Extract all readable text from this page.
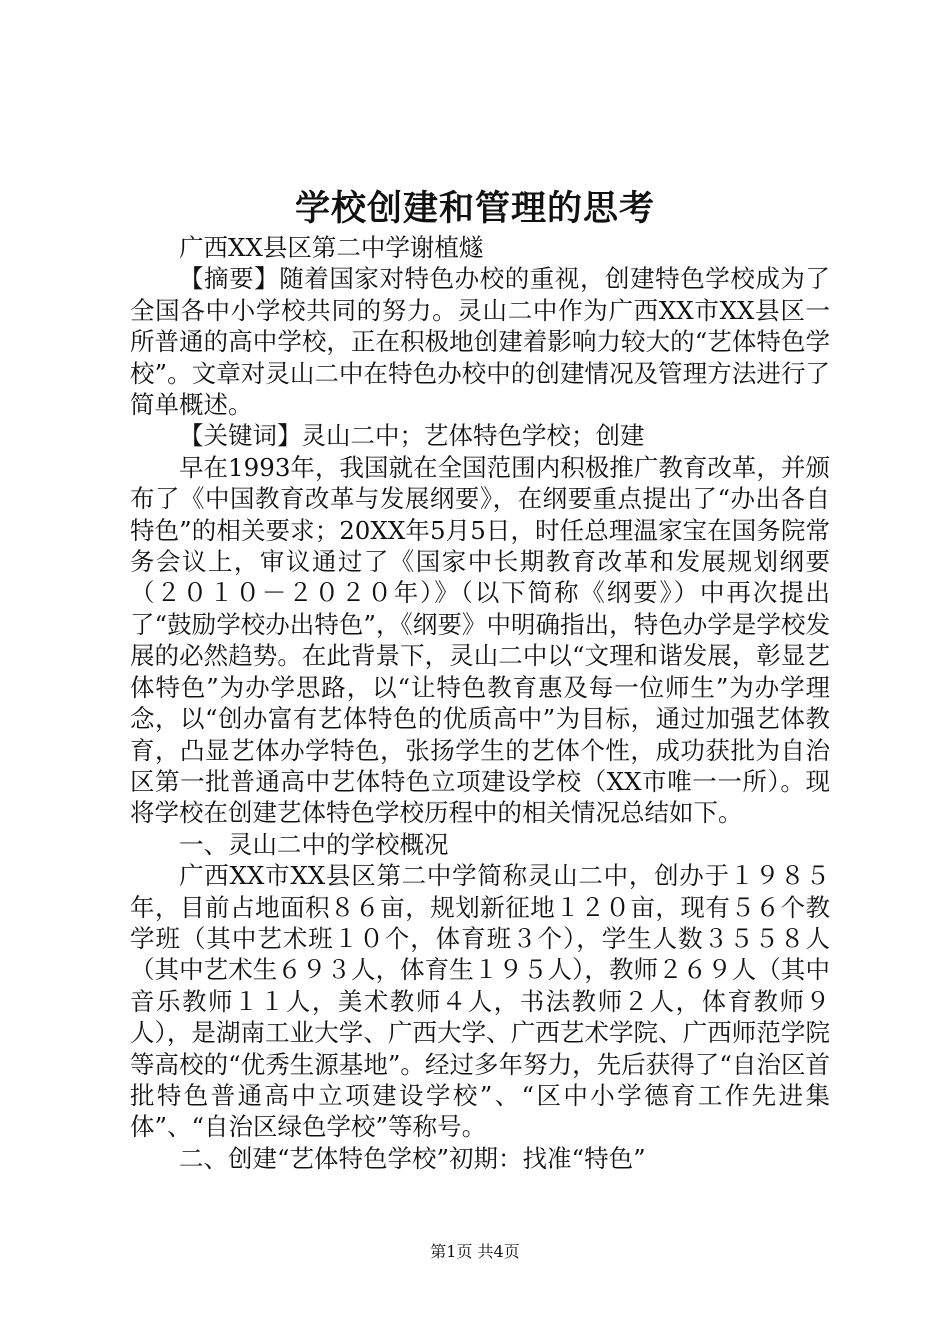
学校创建和管理的思考

广西XX县区第二中学谢植燧

【摘要】随着国家对特色办校的重视，创建特色学校成为了全国各中小学校共同的努力。灵山二中作为广西XX市XX县区一所普通的高中学校，正在积极地创建着影响力较大的“艺体特色学校”。文章对灵山二中在特色办校中的创建情况及管理方法进行了简单概述。

【关键词】灵山二中；艺体特色学校；创建

早在1993年，我国就在全国范围内积极推广教育改革，并颁布了《中国教育改革与发展纲要》，在纲要重点提出了“办出各自特色”的相关要求；20XX年5月5日，时任总理温家宝在国务院常务会议上，审议通过了《国家中长期教育改革和发展规划纲要（２０１０－２０２０年）》（以下简称《纲要》）中再次提出了“鼓励学校办出特色”，《纲要》中明确指出，特色办学是学校发展的必然趋势。在此背景下，灵山二中以“文理和谐发展，彰显艺体特色”为办学思路，以“让特色教育惠及每一位师生”为办学理念，以“创办富有艺体特色的优质高中”为目标，通过加强艺体教育，凸显艺体办学特色，张扬学生的艺体个性，成功获批为自治区第一批普通高中艺体特色立项建设学校（XX市唯一一所）。现将学校在创建艺体特色学校历程中的相关情况总结如下。

一、灵山二中的学校概况

广西XX市XX县区第二中学简称灵山二中，创办于１９８５年，目前占地面积８６亩，规划新征地１２０亩，现有５６个教学班（其中艺术班１０个，体育班３个），学生人数３５５８人（其中艺术生６９３人，体育生１９５人），教师２６９人（其中音乐教师１１人，美术教师４人，书法教师２人，体育教师９人），是湖南工业大学、广西大学、广西艺术学院、广西师范学院等高校的“优秀生源基地”。经过多年努力，先后获得了“自治区首批特色普通高中立项建设学校”、“区中小学德育工作先进集体”、“自治区绿色学校”等称号。

二、创建“艺体特色学校”初期：找准“特色”

第1页 共4页
